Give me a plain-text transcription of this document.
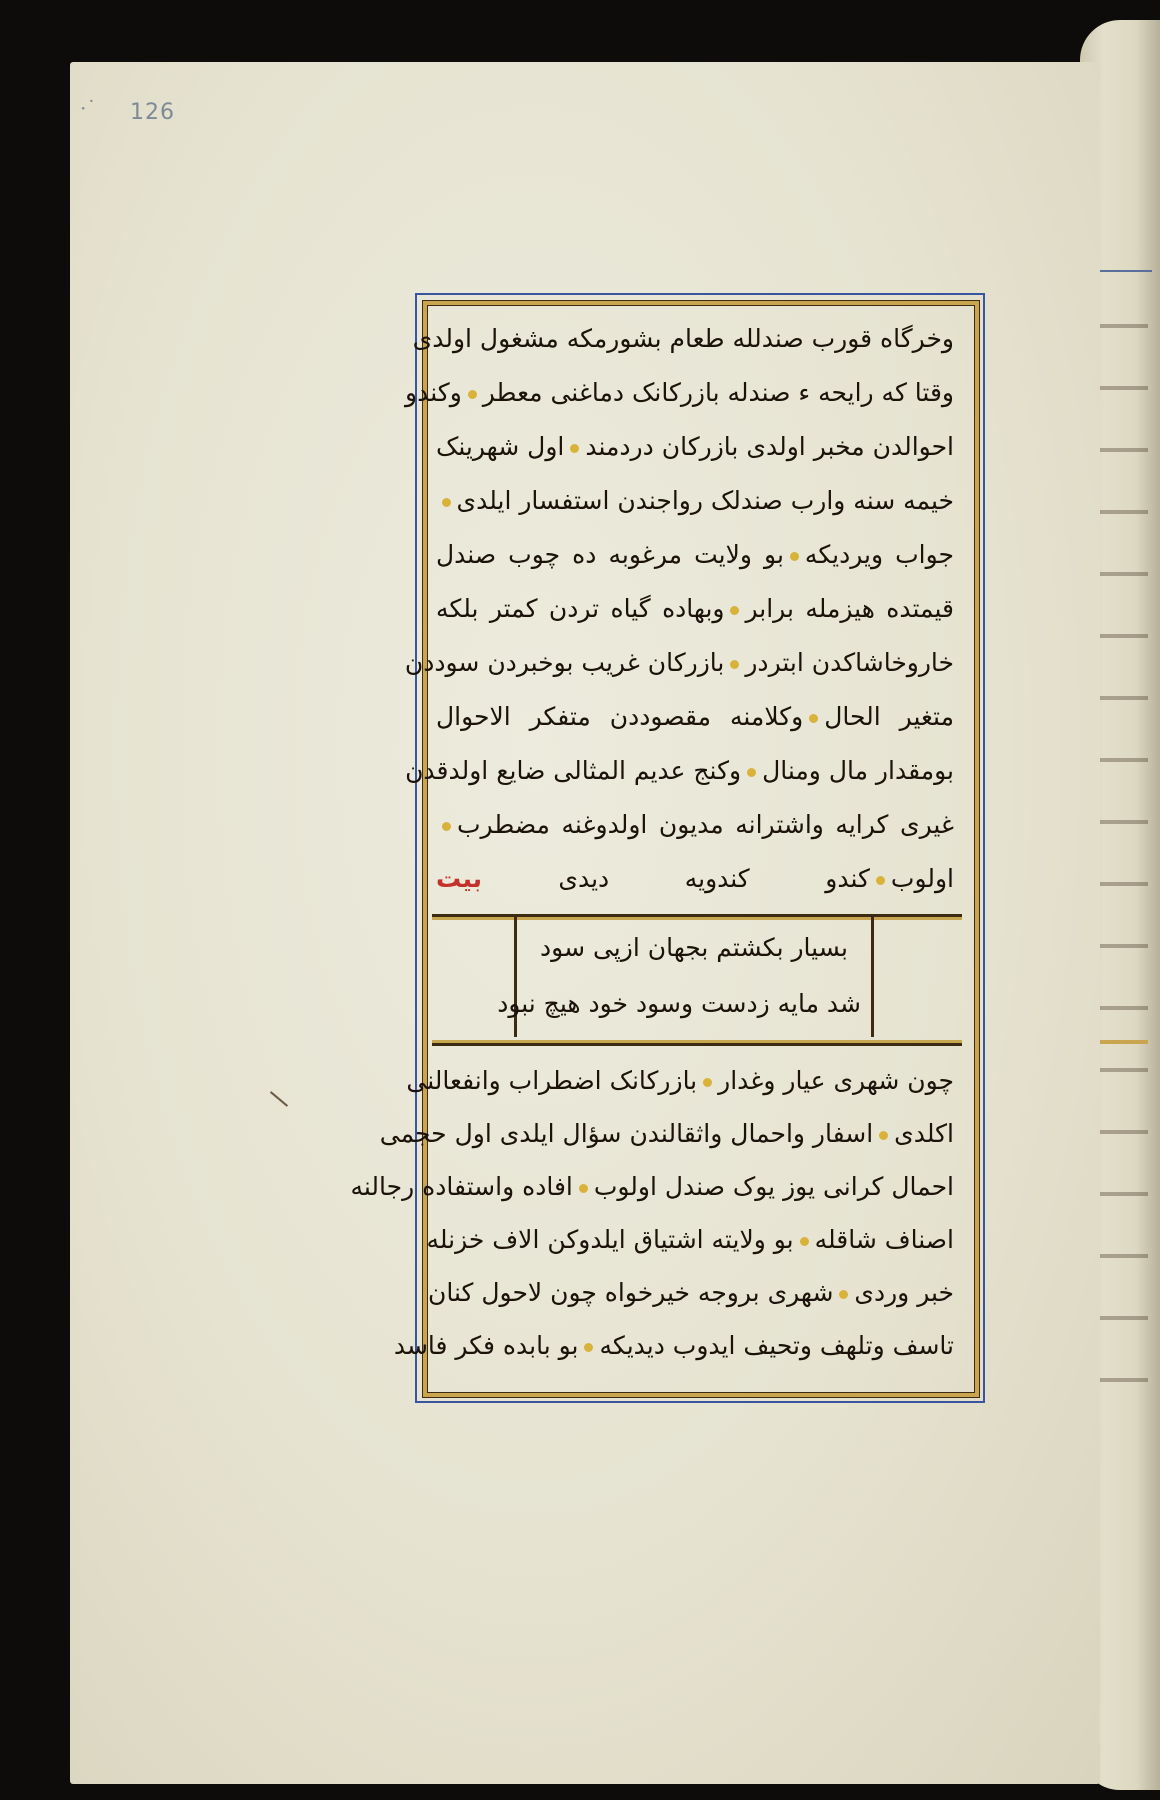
·˙ 126
بسیار بکشتم بجهان ازپی سود
شد مایه زدست وسود خود هیچ نبود
وخرگاه قورب صندلله طعام بشورمکه مشغول اولدی
وقتا که رایحه ء صندله بازرکانک دماغنی معطروکندو
احوالدن مخبر اولدی بازرکان دردمنداول شهرینک
خیمه سنه وارب صندلک رواجندن استفسار ایلدی
جواب ویردیکهبو ولایت مرغوبه ده چوب صندل
قیمتده هیزمله برابروبهاده گیاه تردن کمتر بلکه
خاروخاشاکدن ابتردربازرکان غریب بوخبردن سوددن
متغیر الحالوکلامنه مقصوددن متفکر الاحوال
بومقدار مال ومنالوکنج عدیم المثالی ضایع اولدقدن
غیری کرایه واشترانه مدیون اولدوغنه مضطرب
اولوبکندو کندویه دیدی بیت
چون شهری عیار وغداربازرکانک اضطراب وانفعالنی
اکلدیاسفار واحمال واثقالندن سؤال ایلدی اول حجمی
احمال کرانی یوز یوک صندل اولوبافاده واستفاده رجالنه
اصناف شاقلهبو ولایته اشتیاق ایلدوکن الاف خزنله
خبر وردیشهری بروجه خیرخواه چون لاحول کنان
تاسف وتلهف وتحیف ایدوب دیدیکهبو بابده فکر فاسد
